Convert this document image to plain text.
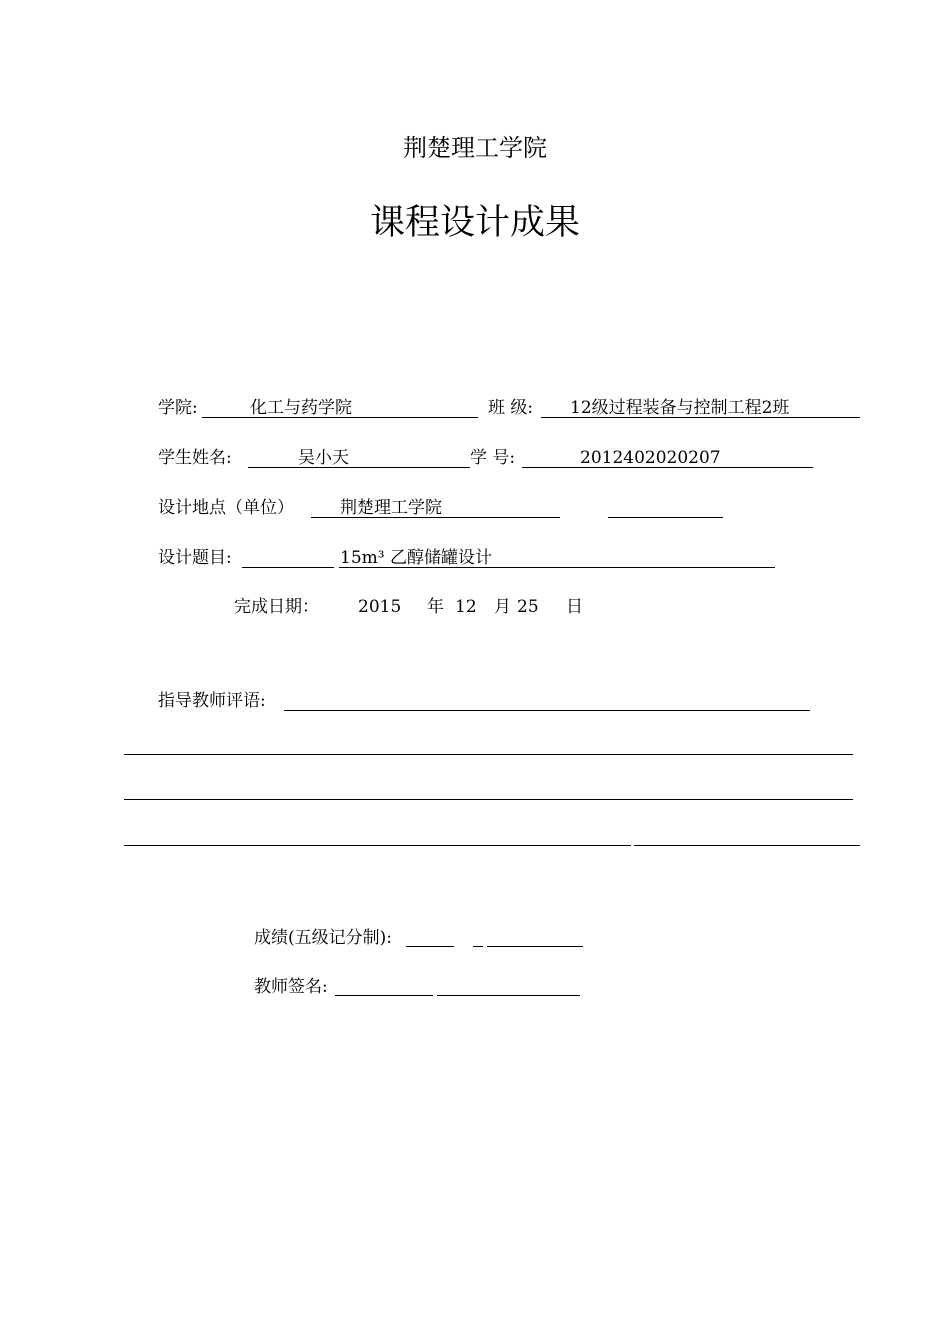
荆楚理工学院
课程设计成果
学院:	化工与药学院	班 级: 12级过程装备与控制工程2班
学生姓名:	吴小天	学 号:	2012402020207
设计地点（单位）	荆楚理工学院
设计题目:	15m³ 乙醇储罐设计
完成日期： 2015 年 12 月 25 日
指导教师评语:
成绩(五级记分制):
教师签名:
